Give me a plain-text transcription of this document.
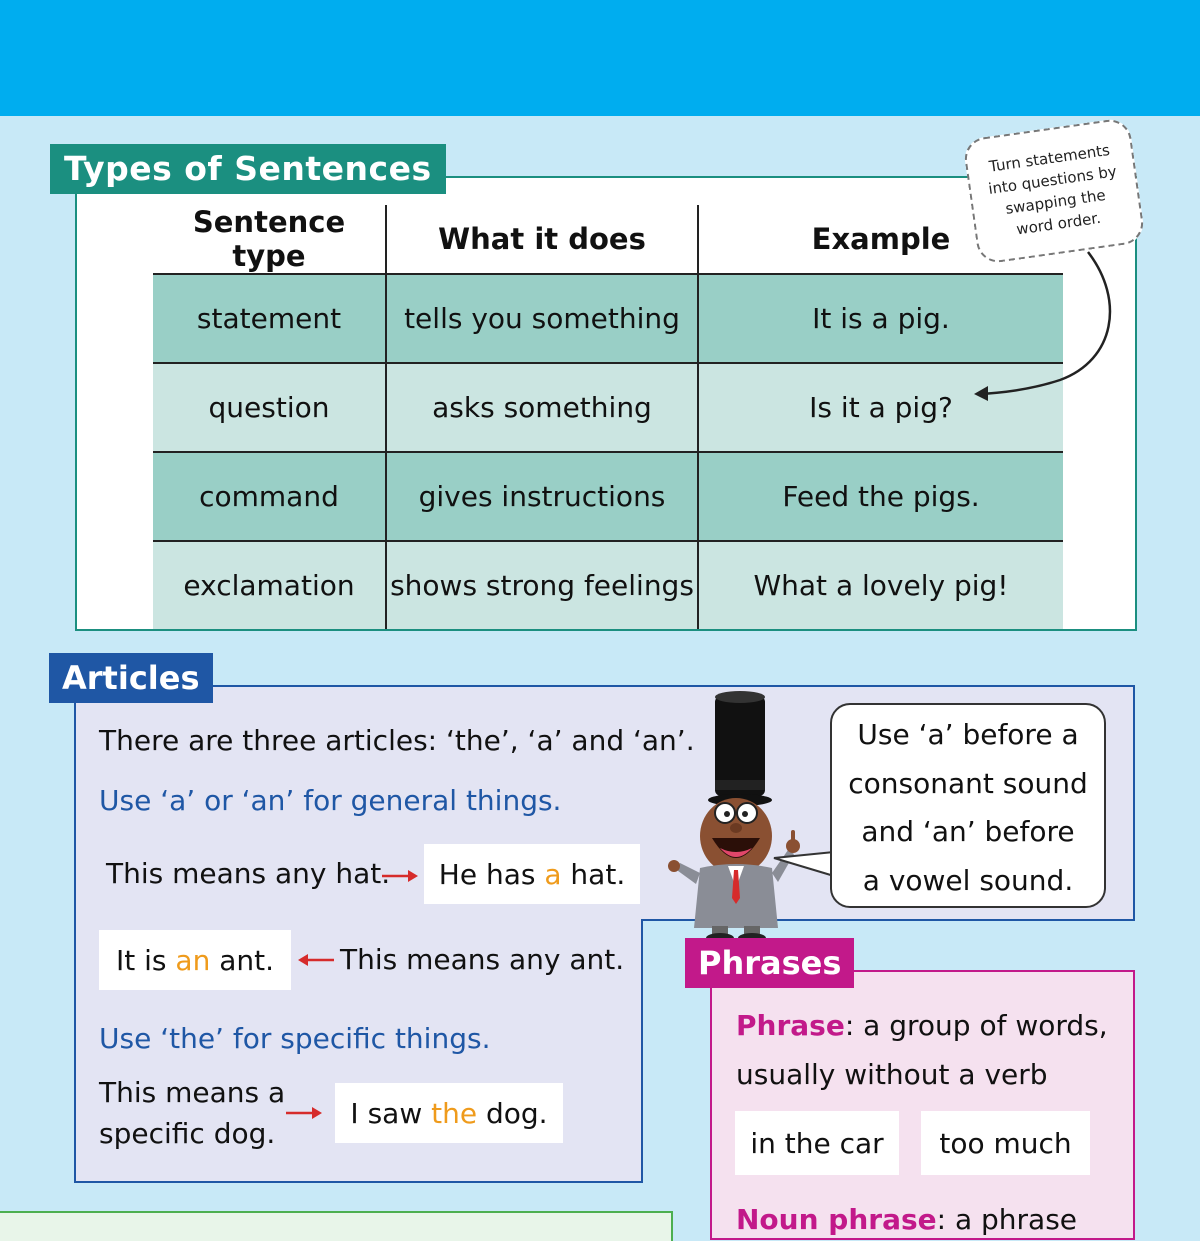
Types of Sentences
Sentence type	What it does	Example
statement	tells you something	It is a pig.
question	asks something	Is it a pig?
command	gives instructions	Feed the pigs.
exclamation	shows strong feelings	What a lovely pig!
Turn statements into questions by swapping the word order.
Articles
There are three articles: ‘the’, ‘a’ and ‘an’.
Use ‘a’ or ‘an’ for general things.
This means any hat. He has a hat.
It is an ant. This means any ant.
Use ‘the’ for specific things.
This means a
specific dog.
I saw the dog.
Use ‘a’ before a
consonant sound
and ‘an’ before
a vowel sound.
Phrases
Phrase: a group of words,
usually without a verb
in the car	too much
Noun phrase: a phrase
